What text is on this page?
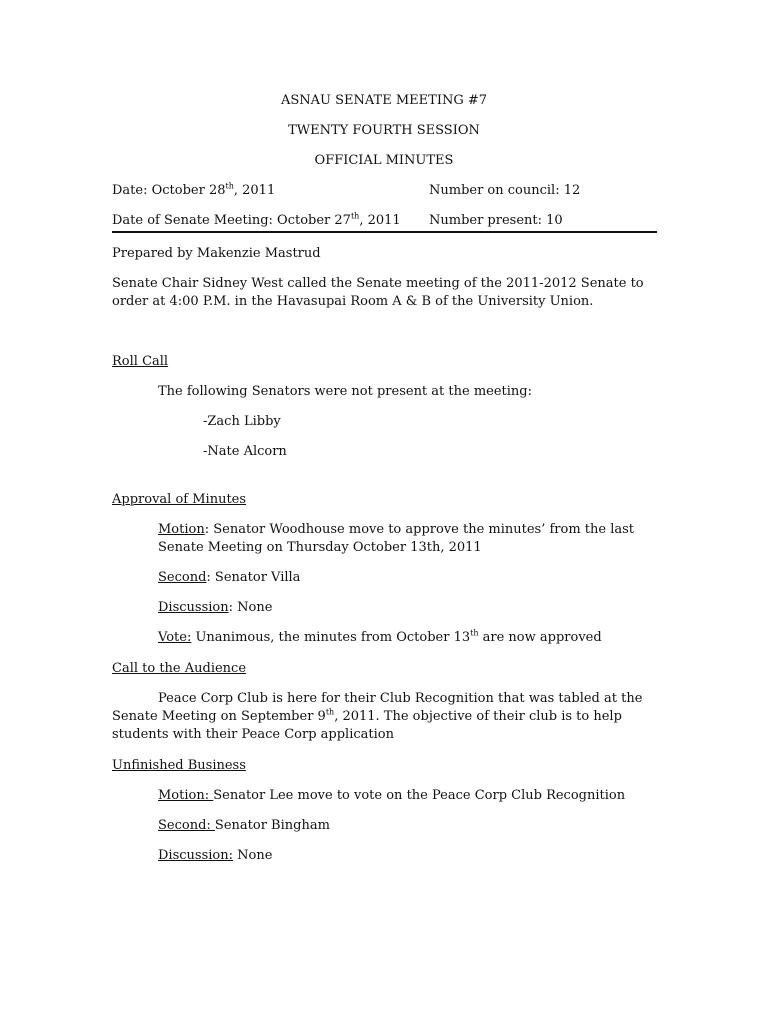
ASNAU SENATE MEETING #7
TWENTY FOURTH SESSION
OFFICIAL MINUTES
Date: October 28th, 2011	Number on council: 12
Date of Senate Meeting: October 27th, 2011 Number present: 10
Prepared by Makenzie Mastrud
Senate Chair Sidney West called the Senate meeting of the 2011-2012 Senate to
order at 4:00 P.M. in the Havasupai Room A & B of the University Union.
Roll Call
The following Senators were not present at the meeting:
-Zach Libby
-Nate Alcorn
Approval of Minutes
Motion: Senator Woodhouse move to approve the minutes’ from the last
Senate Meeting on Thursday October 13th, 2011
Second: Senator Villa
Discussion: None
Vote: Unanimous, the minutes from October 13th are now approved
Call to the Audience
Peace Corp Club is here for their Club Recognition that was tabled at the
Senate Meeting on September 9th, 2011. The objective of their club is to help
students with their Peace Corp application
Unfinished Business
Motion: Senator Lee move to vote on the Peace Corp Club Recognition
Second: Senator Bingham
Discussion: None
